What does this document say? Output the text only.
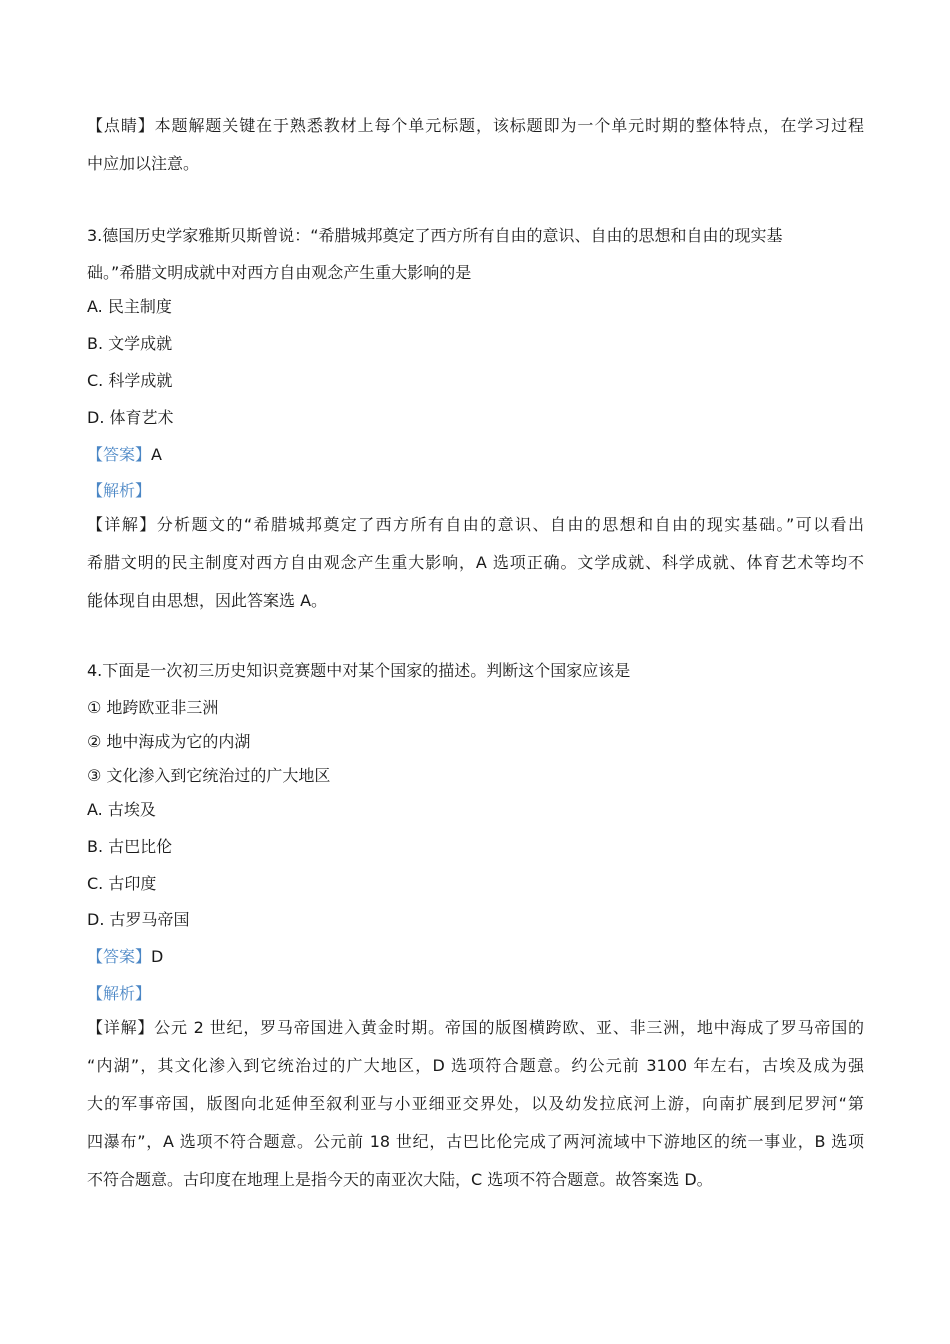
【点睛】本题解题关键在于熟悉教材上每个单元标题，该标题即为一个单元时期的整体特点，在学习过程
中应加以注意。
3.德国历史学家雅斯贝斯曾说：“希腊城邦奠定了西方所有自由的意识、自由的思想和自由的现实基
础。”希腊文明成就中对西方自由观念产生重大影响的是
A. 民主制度
B. 文学成就
C. 科学成就
D. 体育艺术
【答案】A
【解析】
【详解】分析题文的“希腊城邦奠定了西方所有自由的意识、自由的思想和自由的现实基础。”可以看出
希腊文明的民主制度对西方自由观念产生重大影响，A 选项正确。文学成就、科学成就、体育艺术等均不
能体现自由思想，因此答案选 A。
4.下面是一次初三历史知识竞赛题中对某个国家的描述。判断这个国家应该是
① 地跨欧亚非三洲
② 地中海成为它的内湖
③ 文化渗入到它统治过的广大地区
A. 古埃及
B. 古巴比伦
C. 古印度
D. 古罗马帝国
【答案】D
【解析】
【详解】公元 2 世纪，罗马帝国进入黄金时期。帝国的版图横跨欧、亚、非三洲，地中海成了罗马帝国的
“内湖”，其文化渗入到它统治过的广大地区，D 选项符合题意。约公元前 3100 年左右，古埃及成为强
大的军事帝国，版图向北延伸至叙利亚与小亚细亚交界处，以及幼发拉底河上游，向南扩展到尼罗河“第
四瀑布”，A 选项不符合题意。公元前 18 世纪，古巴比伦完成了两河流域中下游地区的统一事业，B 选项
不符合题意。古印度在地理上是指今天的南亚次大陆，C 选项不符合题意。故答案选 D。
